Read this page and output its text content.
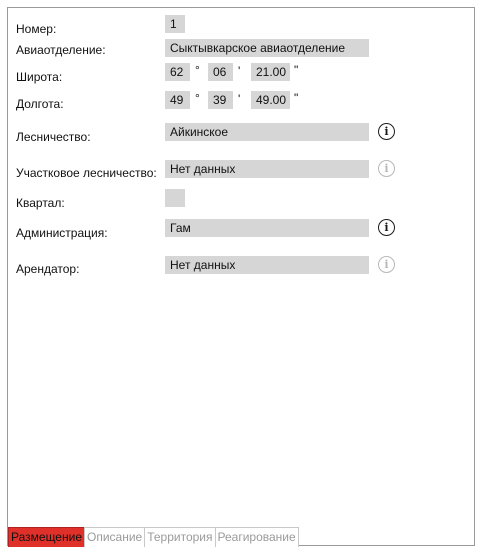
Номер:	1
Авиаотделение:	Сыктывкарское авиаотделение
Широта:	62 °	06 '	21.00 "
Долгота:	49 °	39 '	49.00 "
Лесничество:	Айкинское	i
Участковое лесничество:	Нет данных	i
Квартал:
Администрация:	Гам	i
Арендатор:	Нет данных	i
Размещение Описание Территория Реагирование
